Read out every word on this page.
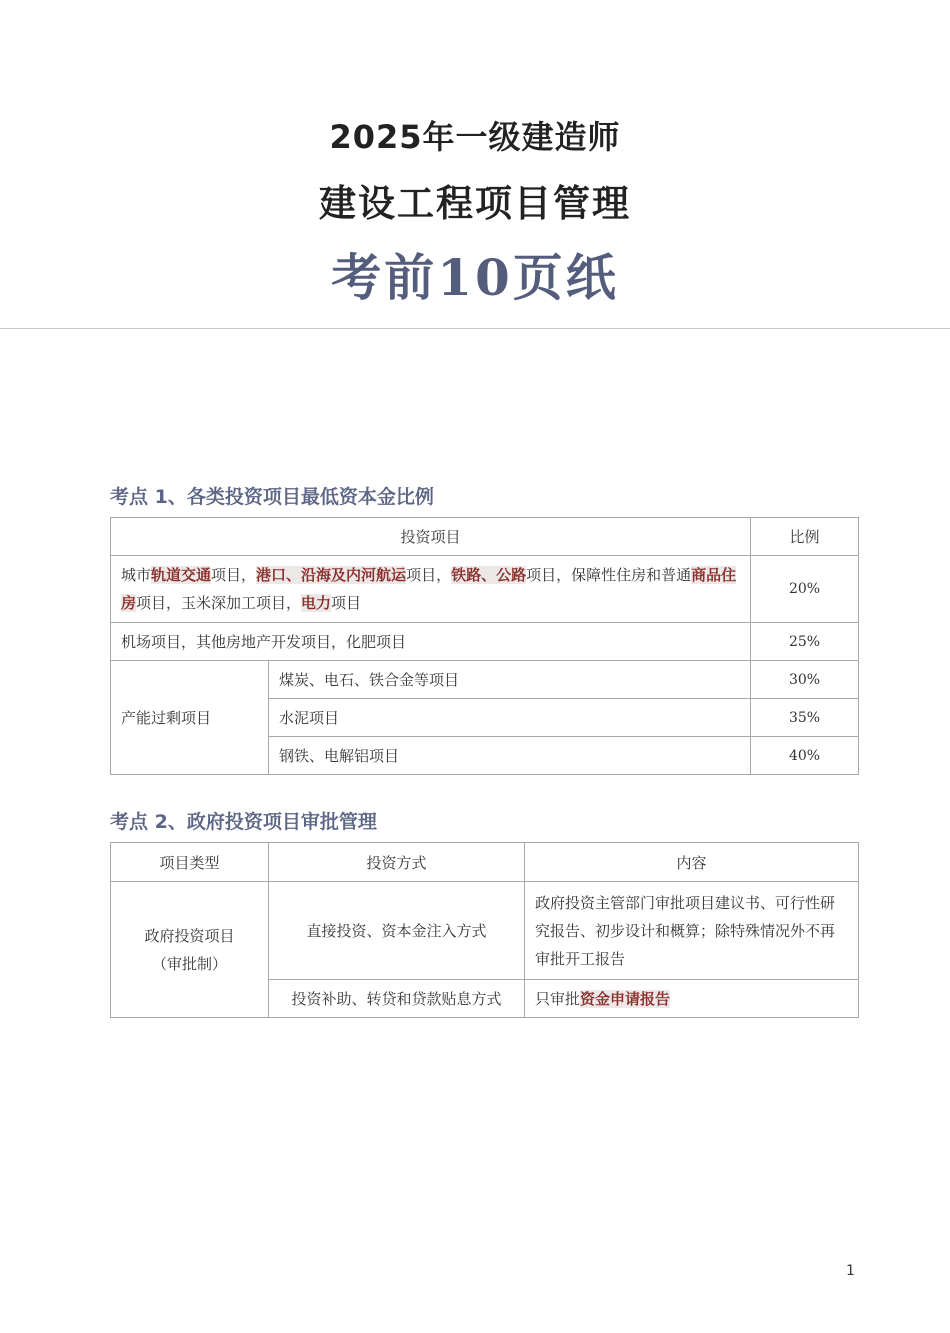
2025年一级建造师
建设工程项目管理
考前10页纸
考点 1、各类投资项目最低资本金比例
投资项目		比例
城市轨道交通项目，港口、沿海及内河航运项目，铁路、公路项目，保障性住房和普通商品住房项目，玉米深加工项目，电力项目		20%
机场项目，其他房地产开发项目，化肥项目		25%
产能过剩项目	煤炭、电石、铁合金等项目	30%
	水泥项目	35%
	钢铁、电解铝项目	40%
考点 2、政府投资项目审批管理
项目类型	投资方式	内容

政府投资项目
（审批制）	直接投资、资本金注入方式	政府投资主管部门审批项目建议书、可行性研究报告、初步设计和概算；除特殊情况外不再审批开工报告
	投资补助、转贷和贷款贴息方式	只审批资金申请报告
1
